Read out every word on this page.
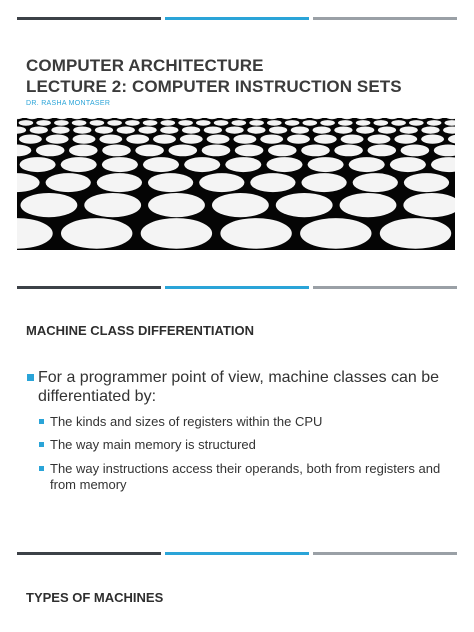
COMPUTER ARCHITECTURE
LECTURE 2: COMPUTER INSTRUCTION SETS
DR. RASHA MONTASER
MACHINE CLASS DIFFERENTIATION
For a programmer point of view, machine classes can be differentiated by:
The kinds and sizes of registers within the CPU
The way main memory is structured
The way instructions access their operands, both from registers and from memory
TYPES OF MACHINES
